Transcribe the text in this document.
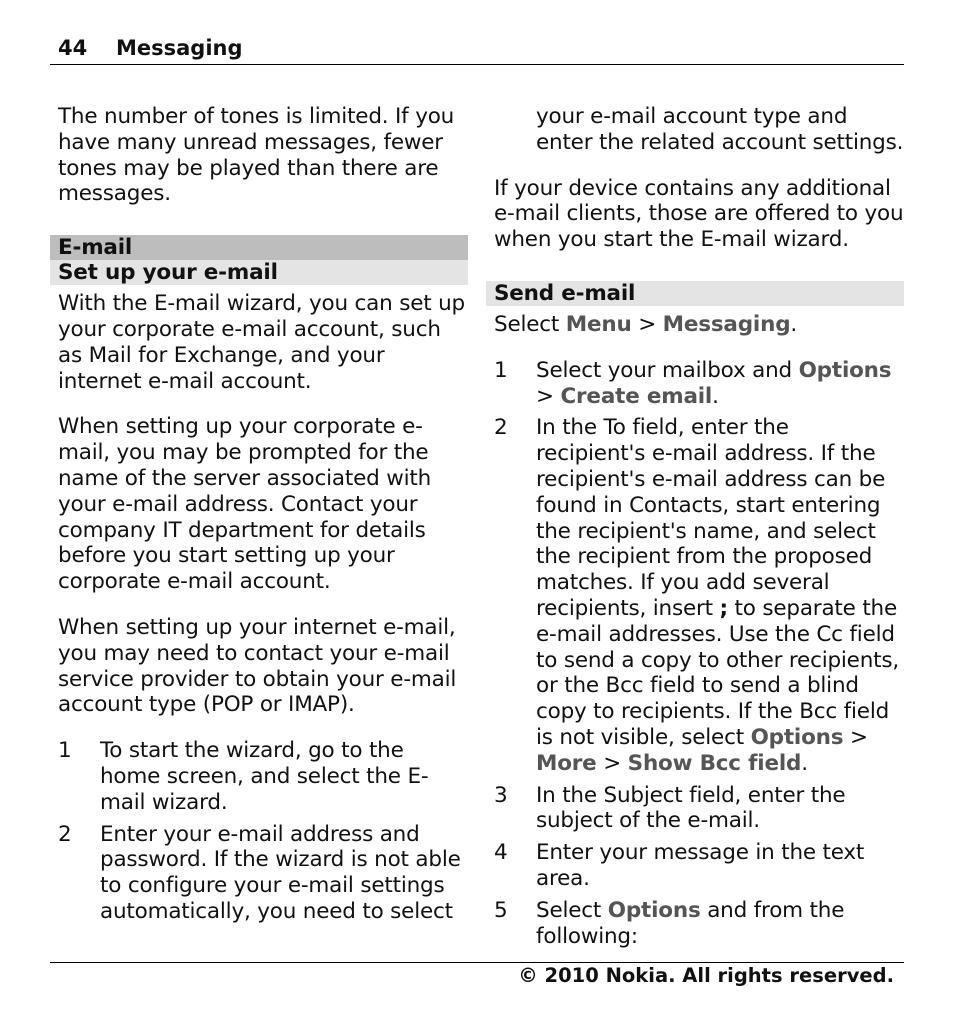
44 Messaging

The number of tones is limited. If you have many unread messages, fewer tones may be played than there are messages.

E-mail
Set up your e-mail

With the E-mail wizard, you can set up your corporate e-mail account, such as Mail for Exchange, and your internet e-mail account.

When setting up your corporate e-mail, you may be prompted for the name of the server associated with your e-mail address. Contact your company IT department for details before you start setting up your corporate e-mail account.

When setting up your internet e-mail, you may need to contact your e-mail service provider to obtain your e-mail account type (POP or IMAP).

1 To start the wizard, go to the home screen, and select the E-mail wizard.
2 Enter your e-mail address and password. If the wizard is not able to configure your e-mail settings automatically, you need to select

your e-mail account type and enter the related account settings.

If your device contains any additional e-mail clients, those are offered to you when you start the E-mail wizard.

Send e-mail

Select Menu > Messaging.

1 Select your mailbox and Options > Create email.
2 In the To field, enter the recipient's e-mail address. If the recipient's e-mail address can be found in Contacts, start entering the recipient's name, and select the recipient from the proposed matches. If you add several recipients, insert ; to separate the e-mail addresses. Use the Cc field to send a copy to other recipients, or the Bcc field to send a blind copy to recipients. If the Bcc field is not visible, select Options > More > Show Bcc field.
3 In the Subject field, enter the subject of the e-mail.
4 Enter your message in the text area.
5 Select Options and from the following:
© 2010 Nokia. All rights reserved.
